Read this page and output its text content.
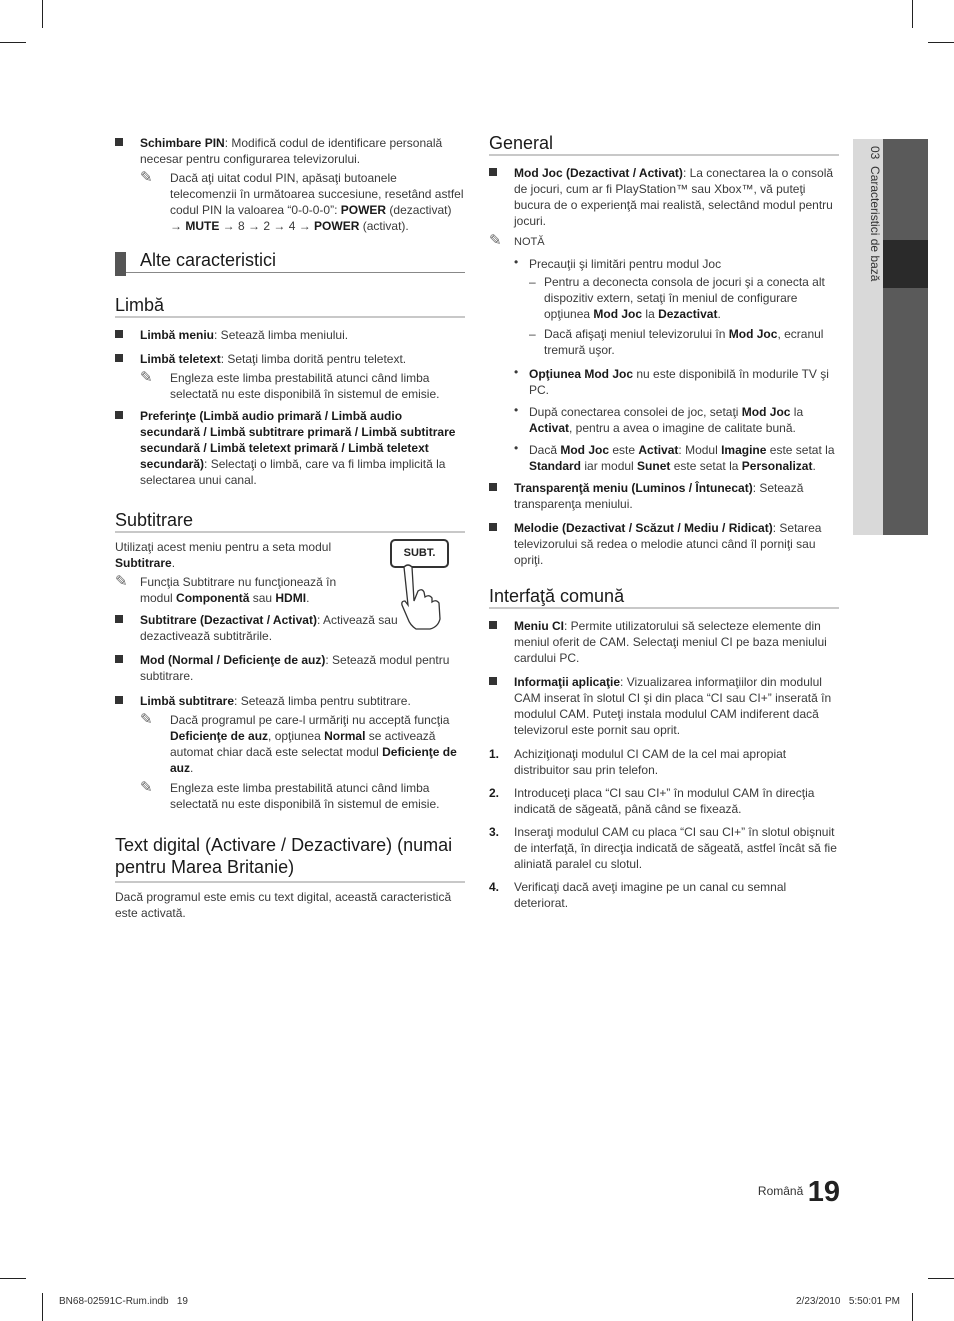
03  Caracteristici de bază
Schimbare PIN: Modifică codul de identificare personală necesar pentru configurarea televizorului.
✎ Dacă aţi uitat codul PIN, apăsaţi butoanele telecomenzii în următoarea succesiune, resetând astfel codul PIN la valoarea “0-0-0-0”: POWER (dezactivat) → MUTE → 8 → 2 → 4 → POWER (activat).
Alte caracteristici
Limbă
Limbă meniu: Setează limba meniului.
Limbă teletext: Setaţi limba dorită pentru teletext.
✎ Engleza este limba prestabilită atunci când limba selectată nu este disponibilă în sistemul de emisie.
Preferinţe (Limbă audio primară / Limbă audio secundară / Limbă subtitrare primară / Limbă subtitrare secundară / Limbă teletext primară / Limbă teletext secundară): Selectaţi o limbă, care va fi limba implicită la selectarea unui canal.
Subtitrare
Utilizaţi acest meniu pentru a seta modul Subtitrare.
✎ Funcţia Subtitrare nu funcţionează în modul Componentă sau HDMI.
SUBT.
Subtitrare (Dezactivat / Activat): Activează sau dezactivează subtitrările.
Mod (Normal / Deficienţe de auz): Setează modul pentru subtitrare.
Limbă subtitrare: Setează limba pentru subtitrare.
✎ Dacă programul pe care-l urmăriţi nu acceptă funcţia Deficienţe de auz, opţiunea Normal se activează automat chiar dacă este selectat modul Deficienţe de auz.
✎ Engleza este limba prestabilită atunci când limba selectată nu este disponibilă în sistemul de emisie.
Text digital (Activare / Dezactivare) (numai pentru Marea Britanie)
Dacă programul este emis cu text digital, această caracteristică este activată.
General
Mod Joc (Dezactivat / Activat): La conectarea la o consolă de jocuri, cum ar fi PlayStation™ sau Xbox™, vă puteţi bucura de o experienţă mai realistă, selectând modul pentru jocuri.
✎ NOTĂ
• Precauţii şi limitări pentru modul Joc
– Pentru a deconecta consola de jocuri şi a conecta alt dispozitiv extern, setaţi în meniul de configurare opţiunea Mod Joc la Dezactivat.
– Dacă afişaţi meniul televizorului în Mod Joc, ecranul tremură uşor.
• Opţiunea Mod Joc nu este disponibilă în modurile TV şi PC.
• După conectarea consolei de joc, setaţi Mod Joc la Activat, pentru a avea o imagine de calitate bună.
• Dacă Mod Joc este Activat: Modul Imagine este setat la Standard iar modul Sunet este setat la Personalizat.
Transparenţă meniu (Luminos / Întunecat): Setează transparenţa meniului.
Melodie (Dezactivat / Scăzut / Mediu / Ridicat): Setarea televizorului să redea o melodie atunci când îl porniţi sau opriţi.
Interfaţă comună
Meniu CI: Permite utilizatorului să selecteze elemente din meniul oferit de CAM. Selectaţi meniul CI pe baza meniului cardului PC.
Informaţii aplicaţie: Vizualizarea informaţiilor din modulul CAM inserat în slotul CI şi din placa “CI sau CI+” inserată în modulul CAM. Puteţi instala modulul CAM indiferent dacă televizorul este pornit sau oprit.
1. Achiziţionaţi modulul CI CAM de la cel mai apropiat distribuitor sau prin telefon.
2. Introduceţi placa “CI sau CI+” în modulul CAM în direcţia indicată de săgeată, până când se fixează.
3. Inseraţi modulul CAM cu placa “CI sau CI+” în slotul obişnuit de interfaţă, în direcţia indicată de săgeată, astfel încât să fie aliniată paralel cu slotul.
4. Verificaţi dacă aveţi imagine pe un canal cu semnal deteriorat.
$^{Română}$ 19
BN68-02591C-Rum.indb   19	2/23/2010   5:50:01 PM
